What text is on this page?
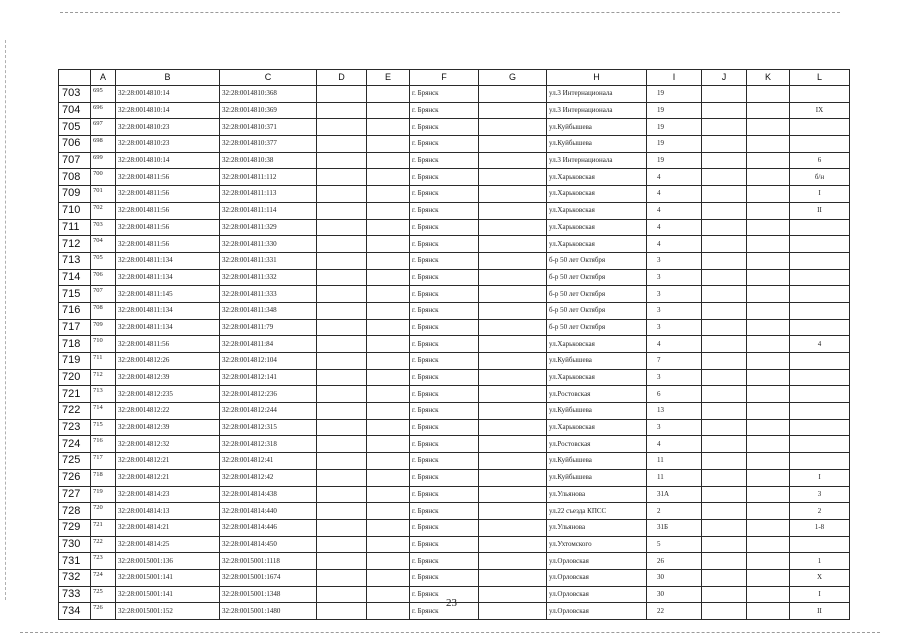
	A	B	C	D	E	F	G	H	I	J	K	L
703	695	32:28:0014810:14	32:28:0014810:368			г. Брянск		ул.3 Интернационала	19			
704	696	32:28:0014810:14	32:28:0014810:369			г. Брянск		ул.3 Интернационала	19			IX
705	697	32:28:0014810:23	32:28:0014810:371			г. Брянск		ул.Куйбышева	19			
706	698	32:28:0014810:23	32:28:0014810:377			г. Брянск		ул.Куйбышева	19			
707	699	32:28:0014810:14	32:28:0014810:38			г. Брянск		ул.3 Интернационала	19			6
708	700	32:28:0014811:56	32:28:0014811:112			г. Брянск		ул.Харьковская	4			б/н
709	701	32:28:0014811:56	32:28:0014811:113			г. Брянск		ул.Харьковская	4			I
710	702	32:28:0014811:56	32:28:0014811:114			г. Брянск		ул.Харьковская	4			II
711	703	32:28:0014811:56	32:28:0014811:329			г. Брянск		ул.Харьковская	4			
712	704	32:28:0014811:56	32:28:0014811:330			г. Брянск		ул.Харьковская	4			
713	705	32:28:0014811:134	32:28:0014811:331			г. Брянск		б-р 50 лет Октября	3			
714	706	32:28:0014811:134	32:28:0014811:332			г. Брянск		б-р 50 лет Октября	3			
715	707	32:28:0014811:145	32:28:0014811:333			г. Брянск		б-р 50 лет Октября	3			
716	708	32:28:0014811:134	32:28:0014811:348			г. Брянск		б-р 50 лет Октября	3			
717	709	32:28:0014811:134	32:28:0014811:79			г. Брянск		б-р 50 лет Октября	3			
718	710	32:28:0014811:56	32:28:0014811:84			г. Брянск		ул.Харьковская	4			4
719	711	32:28:0014812:26	32:28:0014812:104			г. Брянск		ул.Куйбышева	7			
720	712	32:28:0014812:39	32:28:0014812:141			г. Брянск		ул.Харьковская	3			
721	713	32:28:0014812:235	32:28:0014812:236			г. Брянск		ул.Ростовская	6			
722	714	32:28:0014812:22	32:28:0014812:244			г. Брянск		ул.Куйбышева	13			
723	715	32:28:0014812:39	32:28:0014812:315			г. Брянск		ул.Харьковская	3			
724	716	32:28:0014812:32	32:28:0014812:318			г. Брянск		ул.Ростовская	4			
725	717	32:28:0014812:21	32:28:0014812:41			г. Брянск		ул.Куйбышева	11			
726	718	32:28:0014812:21	32:28:0014812:42			г. Брянск		ул.Куйбышева	11			I
727	719	32:28:0014814:23	32:28:0014814:438			г. Брянск		ул.Ульянова	31А			3
728	720	32:28:0014814:13	32:28:0014814:440			г. Брянск		ул.22 съезда КПСС	2			2
729	721	32:28:0014814:21	32:28:0014814:446			г. Брянск		ул.Ульянова	31Б			1-8
730	722	32:28:0014814:25	32:28:0014814:450			г. Брянск		ул.Ухтомского	5			
731	723	32:28:0015001:136	32:28:0015001:1118			г. Брянск		ул.Орловская	26			1
732	724	32:28:0015001:141	32:28:0015001:1674			г. Брянск		ул.Орловская	30			X
733	725	32:28:0015001:141	32:28:0015001:1348			г. Брянск		ул.Орловская	30			I
734	726	32:28:0015001:152	32:28:0015001:1480			г. Брянск		ул.Орловская	22			II
23
